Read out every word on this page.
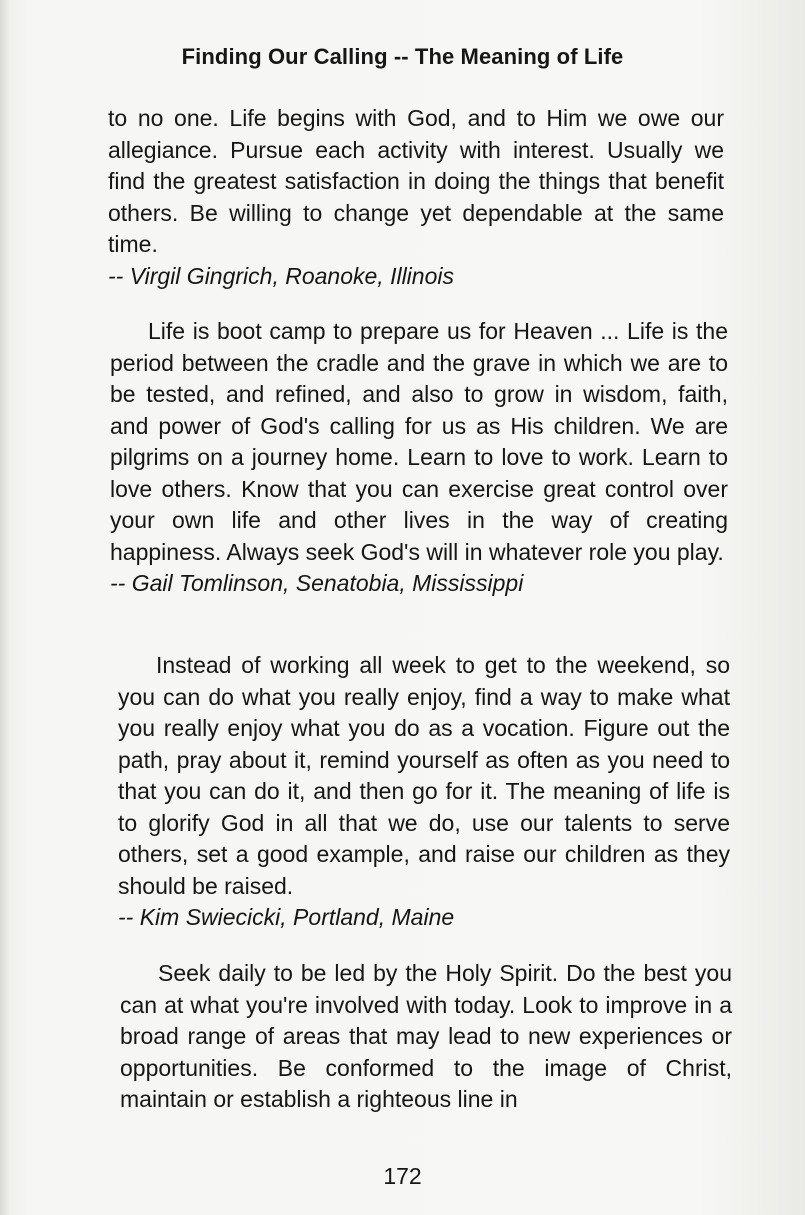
Finding Our Calling -- The Meaning of Life

to no one. Life begins with God, and to Him we owe our allegiance. Pursue each activity with interest. Usually we find the greatest satisfaction in doing the things that benefit others. Be willing to change yet dependable at the same time.

-- Virgil Gingrich, Roanoke, Illinois

Life is boot camp to prepare us for Heaven ... Life is the period between the cradle and the grave in which we are to be tested, and refined, and also to grow in wisdom, faith, and power of God's calling for us as His children. We are pilgrims on a journey home. Learn to love to work. Learn to love others. Know that you can exercise great control over your own life and other lives in the way of creating happiness. Always seek God's will in whatever role you play.

-- Gail Tomlinson, Senatobia, Mississippi

Instead of working all week to get to the weekend, so you can do what you really enjoy, find a way to make what you really enjoy what you do as a vocation. Figure out the path, pray about it, remind yourself as often as you need to that you can do it, and then go for it. The meaning of life is to glorify God in all that we do, use our talents to serve others, set a good example, and raise our children as they should be raised.

-- Kim Swiecicki, Portland, Maine

Seek daily to be led by the Holy Spirit. Do the best you can at what you're involved with today. Look to improve in a broad range of areas that may lead to new experiences or opportunities. Be conformed to the image of Christ, maintain or establish a righteous line in

172
